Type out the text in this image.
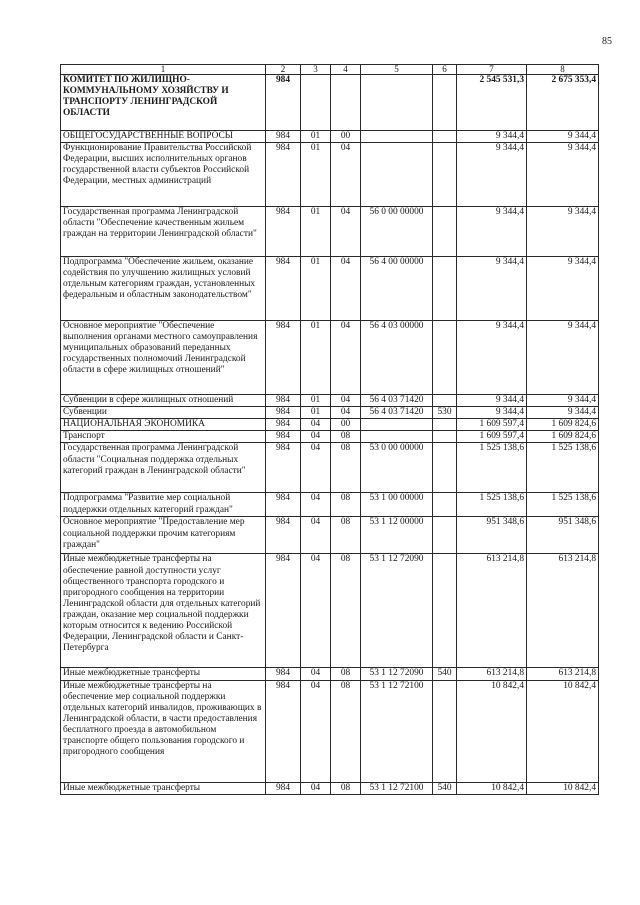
85
1	2	3	4	5	6	7	8
КОМИТЕТ ПО ЖИЛИЩНО-КОММУНАЛЬНОМУ ХОЗЯЙСТВУ И ТРАНСПОРТУ ЛЕНИНГРАДСКОЙ ОБЛАСТИ	984					2 545 531,3	2 675 353,4
ОБЩЕГОСУДАРСТВЕННЫЕ ВОПРОСЫ	984	01	00			9 344,4	9 344,4
Функционирование Правительства Российской Федерации, высших исполнительных органов государственной власти субъектов Российской Федерации, местных администраций	984	01	04			9 344,4	9 344,4
Государственная программа Ленинградской области "Обеспечение качественным жильем граждан на территории Ленинградской области"	984	01	04	56 0 00 00000		9 344,4	9 344,4
Подпрограмма "Обеспечение жильем, оказание содействия по улучшению жилищных условий отдельным категориям граждан, установленных федеральным и областным законодательством"	984	01	04	56 4 00 00000		9 344,4	9 344,4
Основное мероприятие "Обеспечение выполнения органами местного самоуправления муниципальных образований переданных государственных полномочий Ленинградской области в сфере жилищных отношений"	984	01	04	56 4 03 00000		9 344,4	9 344,4
Субвенции в сфере жилищных отношений	984	01	04	56 4 03 71420		9 344,4	9 344,4
Субвенции	984	01	04	56 4 03 71420	530	9 344,4	9 344,4
НАЦИОНАЛЬНАЯ ЭКОНОМИКА	984	04	00			1 609 597,4	1 609 824,6
Транспорт	984	04	08			1 609 597,4	1 609 824,6
Государственная программа Ленинградской области "Социальная поддержка отдельных категорий граждан в Ленинградской области"	984	04	08	53 0 00 00000		1 525 138,6	1 525 138,6
Подпрограмма "Развитие мер социальной поддержки отдельных категорий граждан"	984	04	08	53 1 00 00000		1 525 138,6	1 525 138,6
Основное мероприятие "Предоставление мер социальной поддержки прочим категориям граждан"	984	04	08	53 1 12 00000		951 348,6	951 348,6
Иные межбюджетные трансферты на обеспечение равной доступности услуг общественного транспорта городского и пригородного сообщения на территории Ленинградской области для отдельных категорий граждан, оказание мер социальной поддержки которым относится к ведению Российской Федерации, Ленинградской области и Санкт-Петербурга	984	04	08	53 1 12 72090		613 214,8	613 214,8
Иные межбюджетные трансферты	984	04	08	53 1 12 72090	540	613 214,8	613 214,8
Иные межбюджетные трансферты на обеспечение мер социальной поддержки отдельных категорий инвалидов, проживающих в Ленинградской области, в части предоставления бесплатного проезда в автомобильном транспорте общего пользования городского и пригородного сообщения	984	04	08	53 1 12 72100		10 842,4	10 842,4
Иные межбюджетные трансферты	984	04	08	53 1 12 72100	540	10 842,4	10 842,4
